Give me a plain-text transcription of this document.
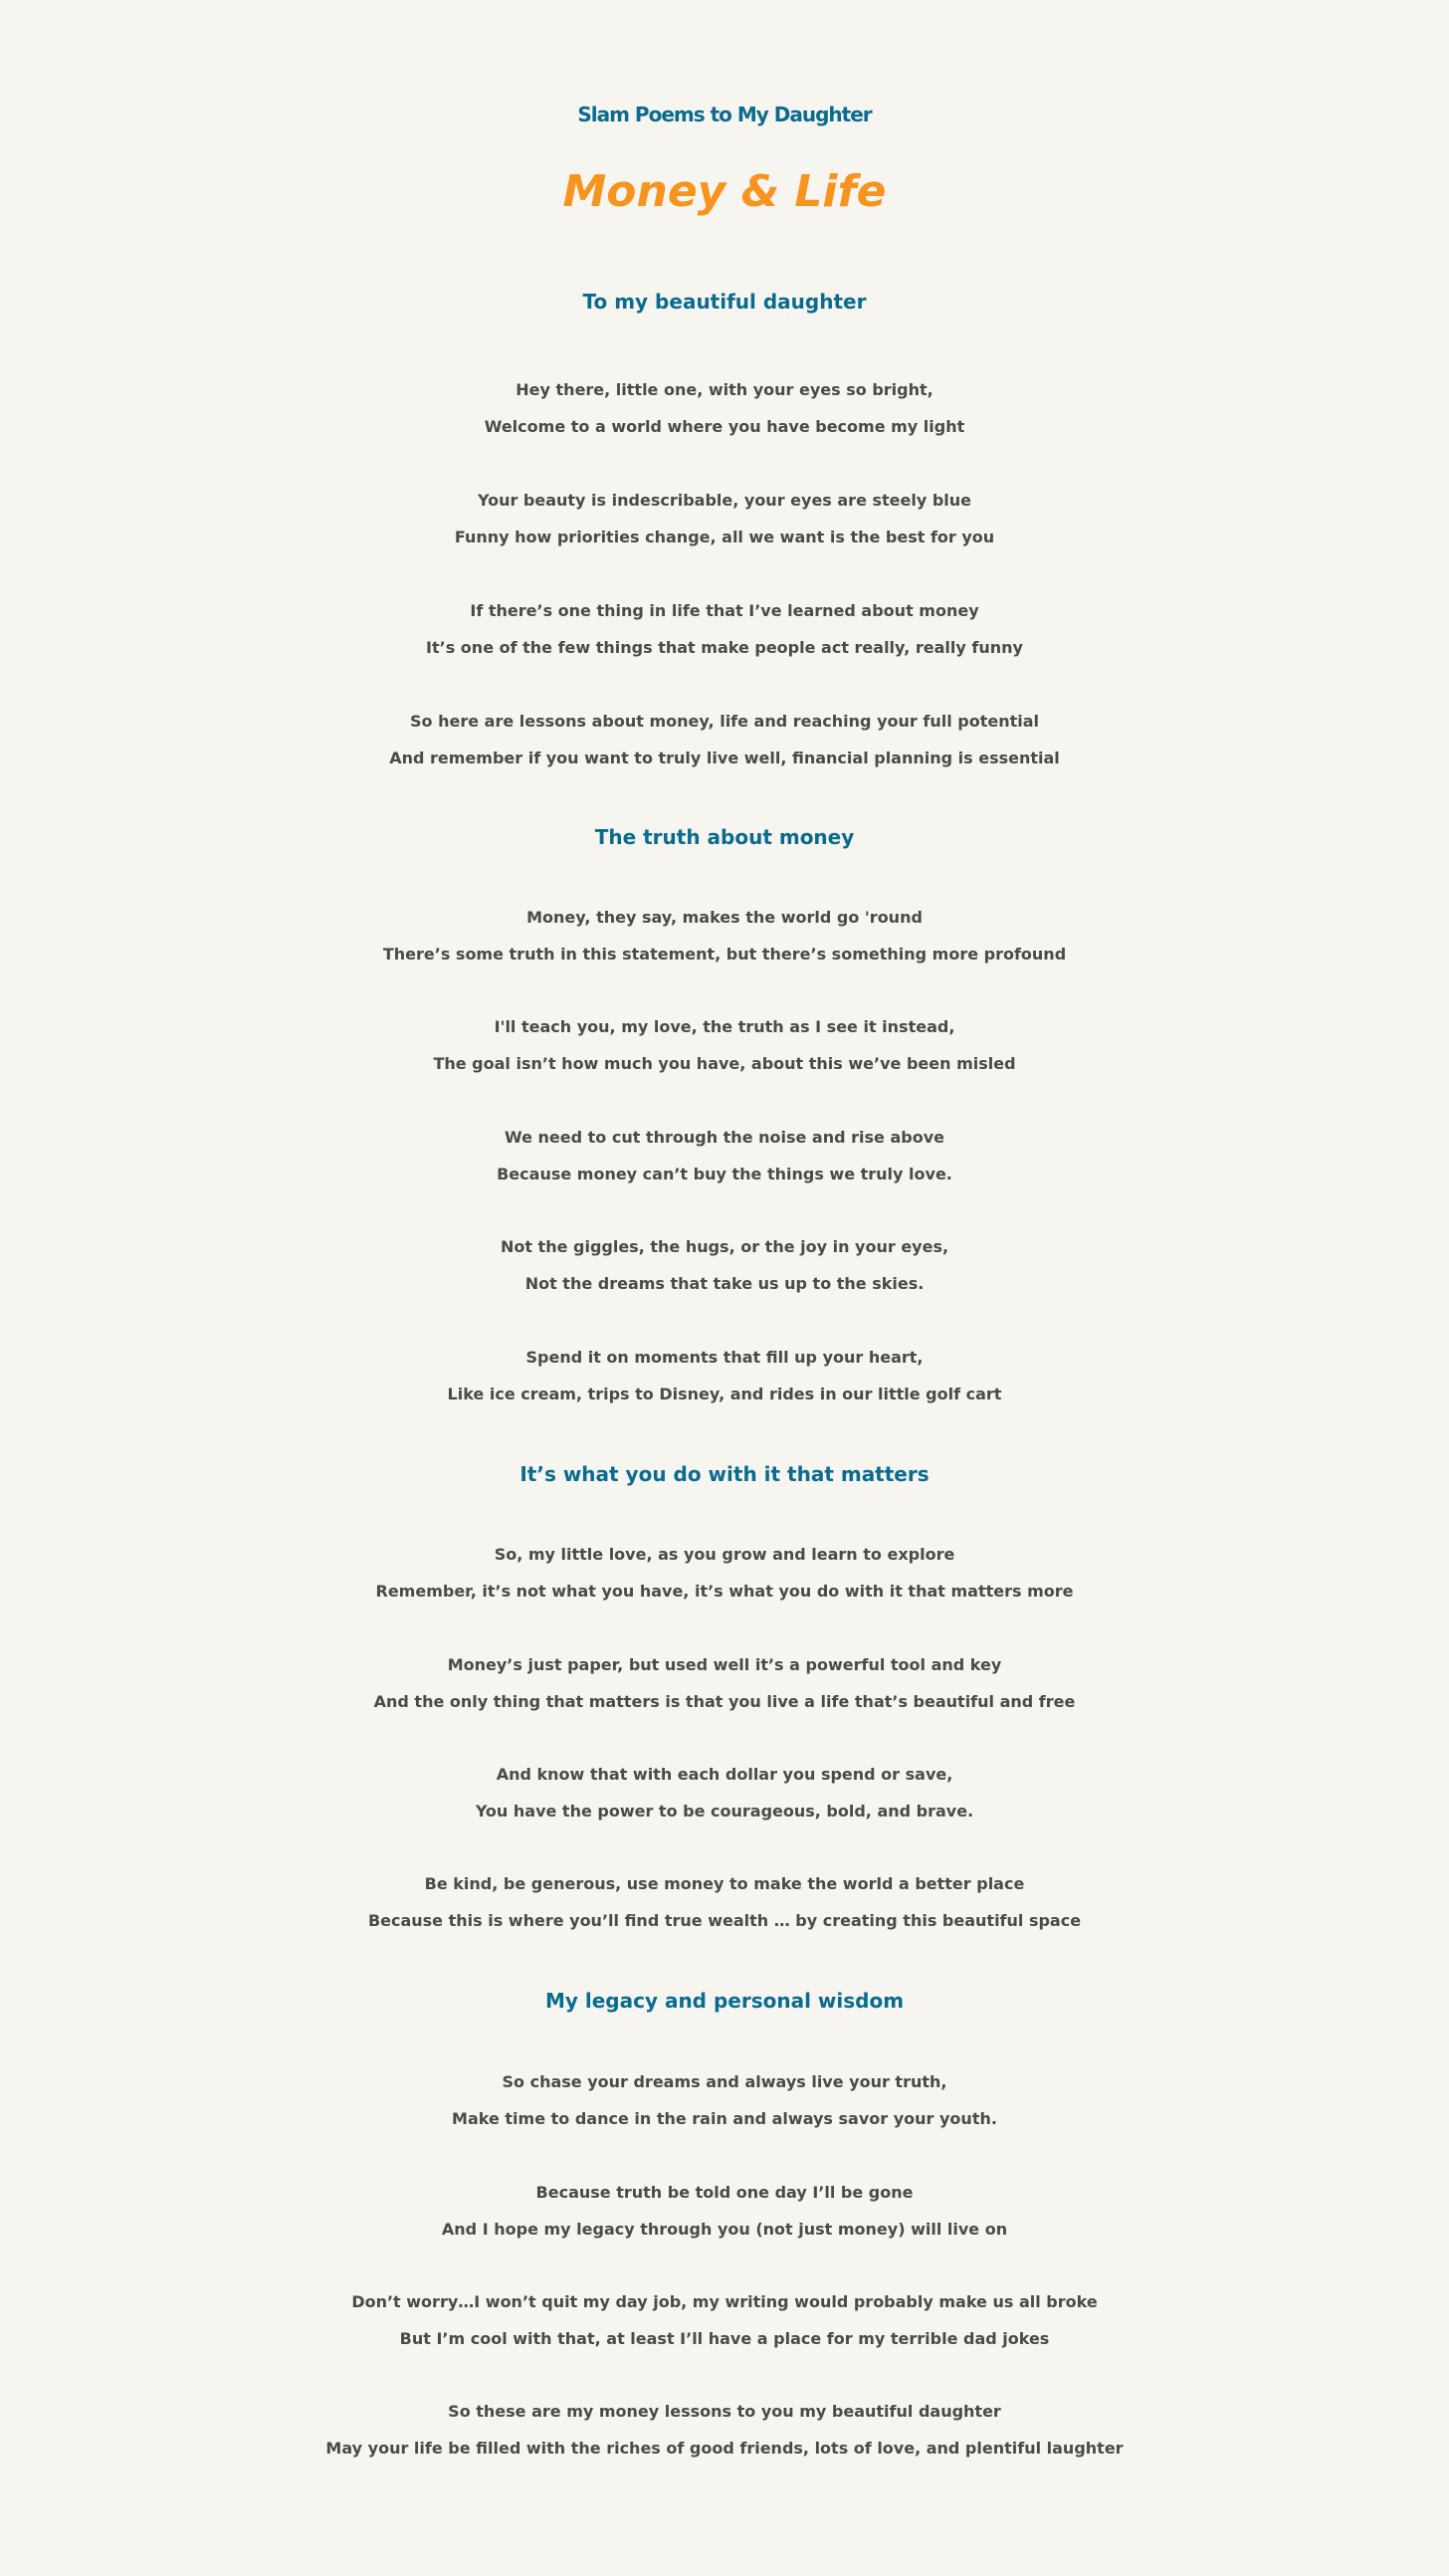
Slam Poems to My Daughter
Money & Life
To my beautiful daughter
Hey there, little one, with your eyes so bright,
Welcome to a world where you have become my light
Your beauty is indescribable, your eyes are steely blue
Funny how priorities change, all we want is the best for you
If there’s one thing in life that I’ve learned about money
It’s one of the few things that make people act really, really funny
So here are lessons about money, life and reaching your full potential
And remember if you want to truly live well, financial planning is essential
The truth about money
Money, they say, makes the world go 'round
There’s some truth in this statement, but there’s something more profound
I'll teach you, my love, the truth as I see it instead,
The goal isn’t how much you have, about this we’ve been misled
We need to cut through the noise and rise above
Because money can’t buy the things we truly love.
Not the giggles, the hugs, or the joy in your eyes,
Not the dreams that take us up to the skies.
Spend it on moments that fill up your heart,
Like ice cream, trips to Disney, and rides in our little golf cart
It’s what you do with it that matters
So, my little love, as you grow and learn to explore
Remember, it’s not what you have, it’s what you do with it that matters more
Money’s just paper, but used well it’s a powerful tool and key
And the only thing that matters is that you live a life that’s beautiful and free
And know that with each dollar you spend or save,
You have the power to be courageous, bold, and brave.
Be kind, be generous, use money to make the world a better place
Because this is where you’ll find true wealth … by creating this beautiful space
My legacy and personal wisdom
So chase your dreams and always live your truth,
Make time to dance in the rain and always savor your youth.
Because truth be told one day I’ll be gone
And I hope my legacy through you (not just money) will live on
Don’t worry…I won’t quit my day job, my writing would probably make us all broke
But I’m cool with that, at least I’ll have a place for my terrible dad jokes
So these are my money lessons to you my beautiful daughter
May your life be filled with the riches of good friends, lots of love, and plentiful laughter
